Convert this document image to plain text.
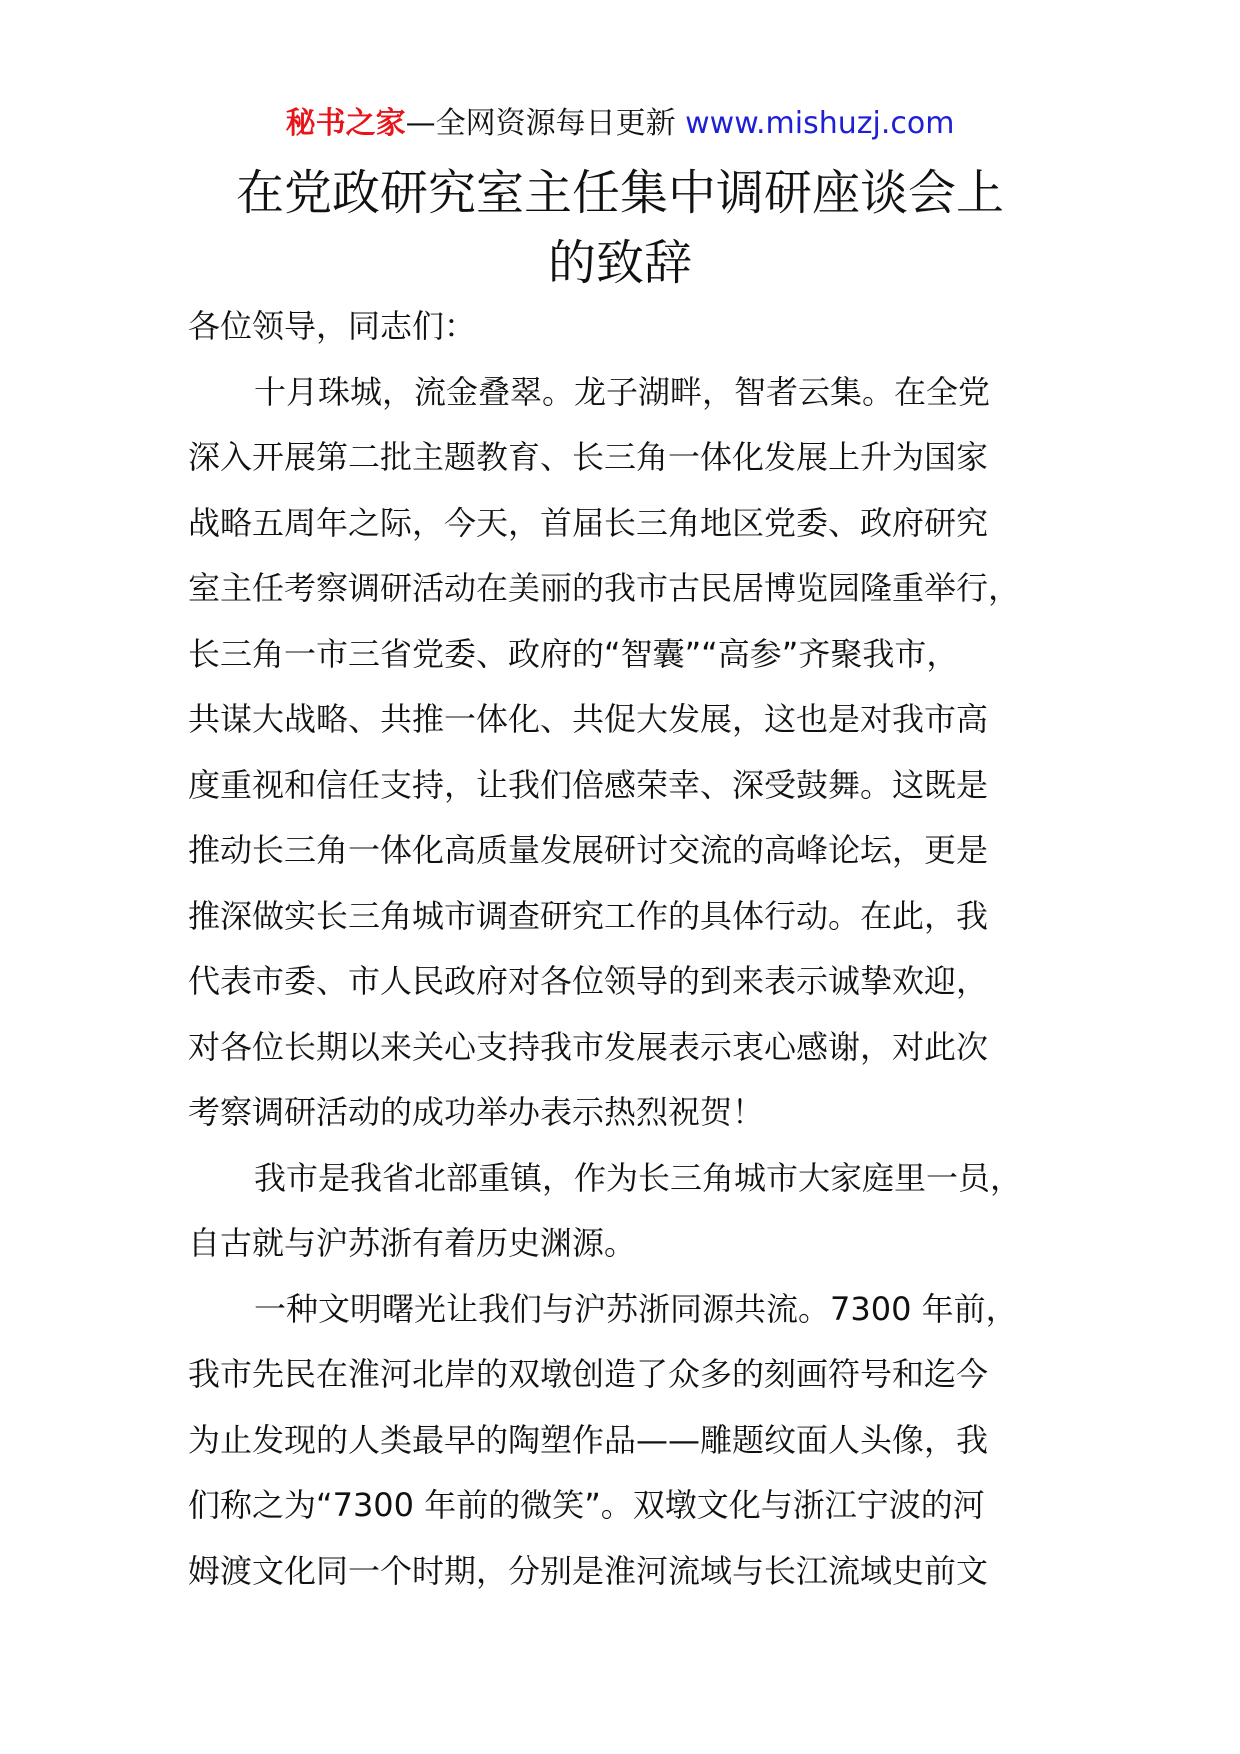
秘书之家—全网资源每日更新 www.mishuzj.com
在党政研究室主任集中调研座谈会上
的致辞
各位领导，同志们：
十月珠城，流金叠翠。龙子湖畔，智者云集。在全党
深入开展第二批主题教育、长三角一体化发展上升为国家
战略五周年之际，今天，首届长三角地区党委、政府研究
室主任考察调研活动在美丽的我市古民居博览园隆重举行，
长三角一市三省党委、政府的“智囊”“高参”齐聚我市，
共谋大战略、共推一体化、共促大发展，这也是对我市高
度重视和信任支持，让我们倍感荣幸、深受鼓舞。这既是
推动长三角一体化高质量发展研讨交流的高峰论坛，更是
推深做实长三角城市调查研究工作的具体行动。在此，我
代表市委、市人民政府对各位领导的到来表示诚挚欢迎，
对各位长期以来关心支持我市发展表示衷心感谢，对此次
考察调研活动的成功举办表示热烈祝贺！
我市是我省北部重镇，作为长三角城市大家庭里一员，
自古就与沪苏浙有着历史渊源。
一种文明曙光让我们与沪苏浙同源共流。7300 年前，
我市先民在淮河北岸的双墩创造了众多的刻画符号和迄今
为止发现的人类最早的陶塑作品——雕题纹面人头像，我
们称之为“7300 年前的微笑”。双墩文化与浙江宁波的河
姆渡文化同一个时期，分别是淮河流域与长江流域史前文
